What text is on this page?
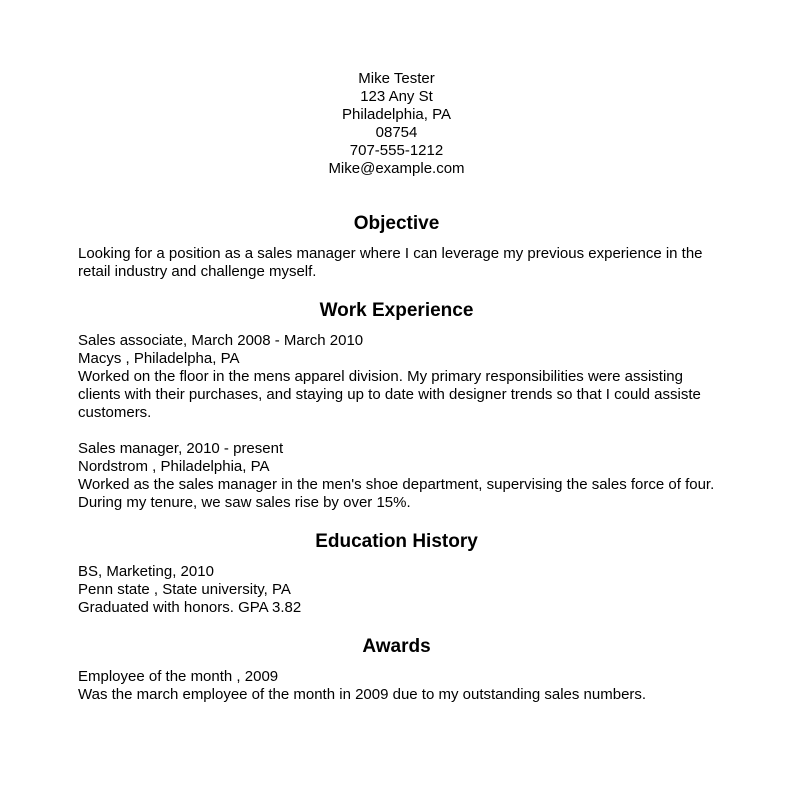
Mike Tester
123 Any St
Philadelphia, PA
08754
707-555-1212
Mike@example.com
Objective

Looking for a position as a sales manager where I can leverage my previous experience in the retail industry and challenge myself.

Work Experience
Sales associate, March 2008 - March 2010
Macys , Philadelpha, PA
Worked on the floor in the mens apparel division. My primary responsibilities were assisting clients with their purchases, and staying up to date with designer trends so that I could assiste customers.
Sales manager, 2010 - present
Nordstrom , Philadelphia, PA
Worked as the sales manager in the men's shoe department, supervising the sales force of four. During my tenure, we saw sales rise by over 15%.
Education History
BS, Marketing, 2010
Penn state , State university, PA
Graduated with honors. GPA 3.82
Awards
Employee of the month , 2009
Was the march employee of the month in 2009 due to my outstanding sales numbers.
